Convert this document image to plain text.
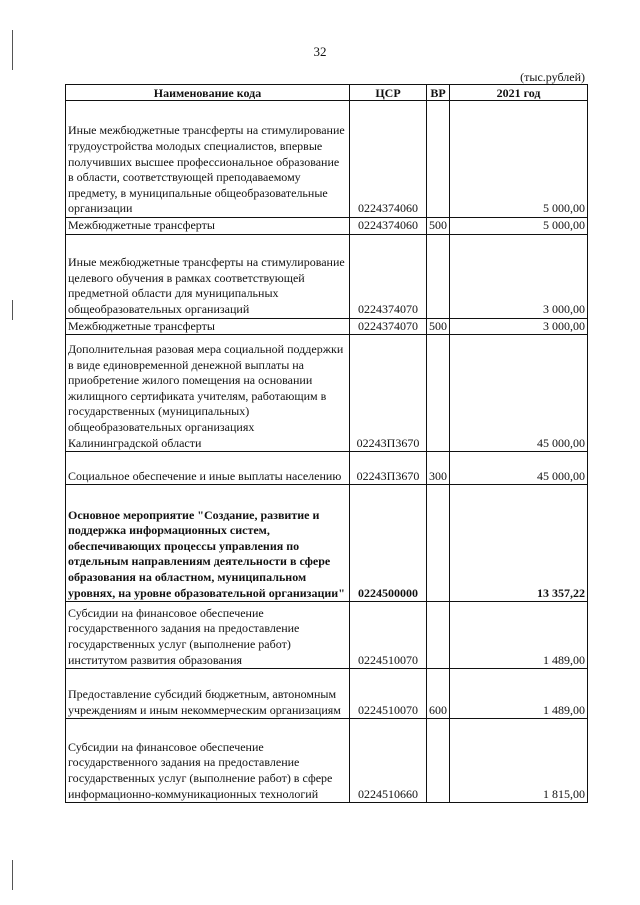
32
(тыс.рублей)
Наименование кода	ЦСР	ВР	2021 год
Иные межбюджетные трансферты на стимулирование трудоустройства молодых специалистов, впервые получивших высшее профессиональное образование в области, соответствующей преподаваемому предмету, в муниципальные общеобразовательные организации	0224374060		5 000,00
Межбюджетные трансферты	0224374060	500	5 000,00
Иные межбюджетные трансферты на стимулирование целевого обучения в рамках соответствующей предметной области для муниципальных общеобразовательных организаций	0224374070		3 000,00
Межбюджетные трансферты	0224374070	500	3 000,00
Дополнительная разовая мера социальной поддержки в виде единовременной денежной выплаты на приобретение жилого помещения на основании жилищного сертификата учителям, работающим в государственных (муниципальных) общеобразовательных организациях Калининградской области	02243П3670		45 000,00
Социальное обеспечение и иные выплаты населению	02243П3670	300	45 000,00
Основное мероприятие "Создание, развитие и поддержка информационных систем, обеспечивающих процессы управления по отдельным направлениям деятельности в сфере образования на областном, муниципальном уровнях, на уровне образовательной организации"	0224500000		13 357,22
Субсидии на финансовое обеспечение государственного задания на предоставление государственных услуг (выполнение работ) институтом развития образования	0224510070		1 489,00
Предоставление субсидий бюджетным, автономным учреждениям и иным некоммерческим организациям	0224510070	600	1 489,00
Субсидии на финансовое обеспечение государственного задания на предоставление государственных услуг (выполнение работ) в сфере информационно-коммуникационных технологий	0224510660		1 815,00
